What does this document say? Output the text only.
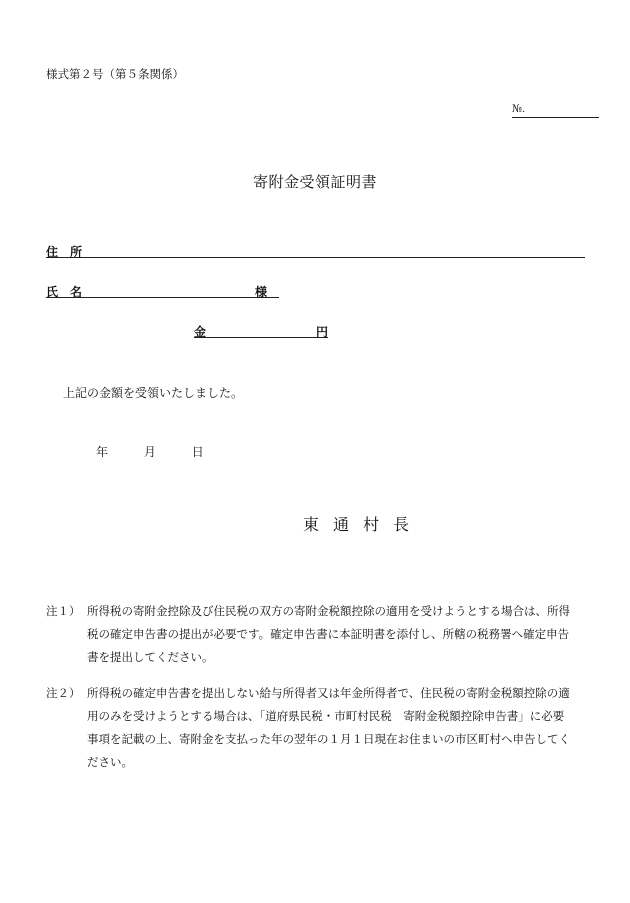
様式第２号（第５条関係）
№.
寄附金受領証明書
住　所
氏　名	様
金	円
上記の金額を受領いたしました。
年	月	日
東通村長
注１） 所得税の寄附金控除及び住民税の双方の寄附金税額控除の適用を受けようとする場合は、所得
税の確定申告書の提出が必要です。確定申告書に本証明書を添付し、所轄の税務署へ確定申告
書を提出してください。
注２） 所得税の確定申告書を提出しない給与所得者又は年金所得者で、住民税の寄附金税額控除の適
用のみを受けようとする場合は、「道府県民税・市町村民税　寄附金税額控除申告書」に必要
事項を記載の上、寄附金を支払った年の翌年の１月１日現在お住まいの市区町村へ申告してく
ださい。
